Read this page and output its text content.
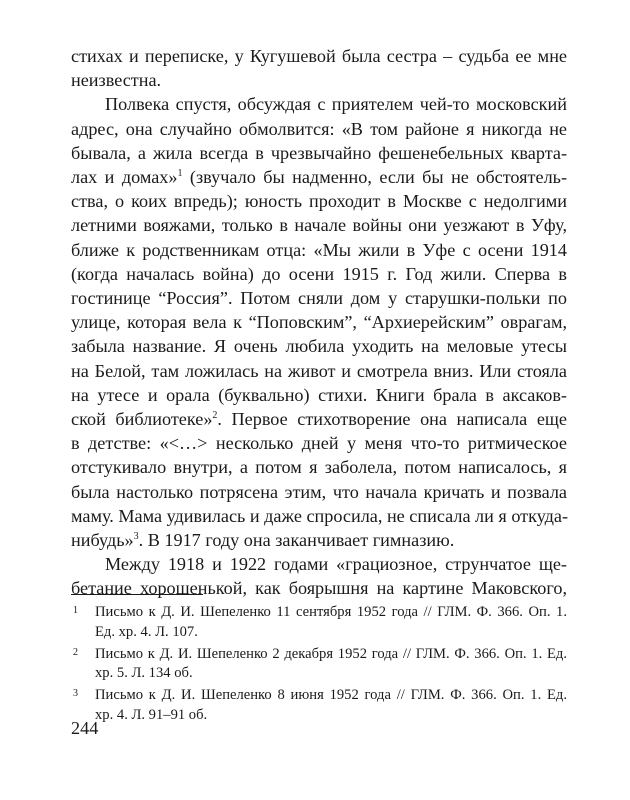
стихах и переписке, у Кугушевой была сестра – судьба ее мне
неизвестна.

Полвека спустя, обсуждая с приятелем чей-то московский
адрес, она случайно обмолвится: «В том районе я никогда не
бывала, а жила всегда в чрезвычайно фешенебельных кварта-
лах и домах»$^1$ (звучало бы надменно, если бы не обстоятель-
ства, о коих впредь); юность проходит в Москве с недолгими
летними вояжами, только в начале войны они уезжают в Уфу,
ближе к родственникам отца: «Мы жили в Уфе с осени 1914
(когда началась война) до осени 1915 г. Год жили. Сперва в
гостинице “Россия”. Потом сняли дом у старушки-польки по
улице, которая вела к “Поповским”, “Архиерейским” оврагам,
забыла название. Я очень любила уходить на меловые утесы
на Белой, там ложилась на живот и смотрела вниз. Или стояла
на утесе и орала (буквально) стихи. Книги брала в аксаков-
ской библиотеке»$^2$. Первое стихотворение она написала еще
в детстве: «<…> несколько дней у меня что-то ритмическое
отстукивало внутри, а потом я заболела, потом написалось, я
была настолько потрясена этим, что начала кричать и позвала
маму. Мама удивилась и даже спросила, не списала ли я откуда-
нибудь»$^3$. В 1917 году она заканчивает гимназию.

Между 1918 и 1922 годами «грациозное, струнчатое ще-
бетание хорошенькой, как боярышня на картине Маковского,

1 Письмо к Д. И. Шепеленко 11 сентября 1952 года // ГЛМ. Ф. 366. Оп. 1.
Ед. хр. 4. Л. 107.
2 Письмо к Д. И. Шепеленко 2 декабря 1952 года // ГЛМ. Ф. 366. Оп. 1. Ед.
хр. 5. Л. 134 об.
3 Письмо к Д. И. Шепеленко 8 июня 1952 года // ГЛМ. Ф. 366. Оп. 1. Ед.
хр. 4. Л. 91–91 об.
244
